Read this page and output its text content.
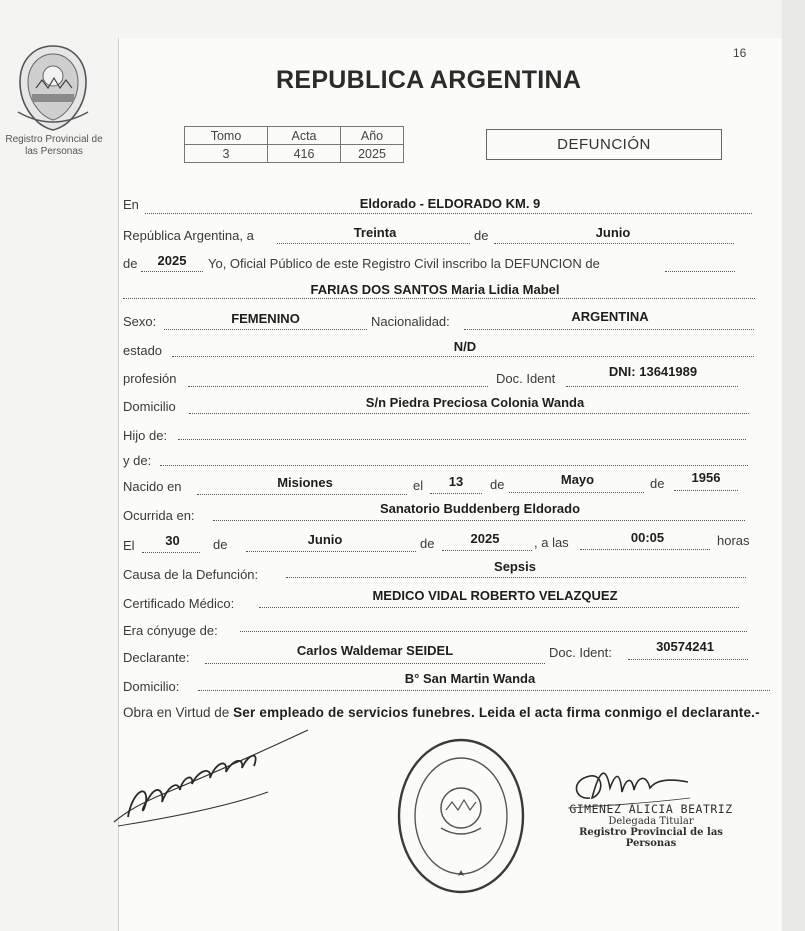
16
Registro Provincial de
las Personas
REPUBLICA ARGENTINA
Tomo	Acta	Año
3	416	2025
DEFUNCIÓN
En	Eldorado - ELDORADO KM. 9
República Argentina, a	Treinta	de	Junio
de	2025	Yo, Oficial Público de este Registro Civil inscribo la DEFUNCION de
FARIAS DOS SANTOS Maria Lidia Mabel
Sexo:	FEMENINO	Nacionalidad:	ARGENTINA
estado	N/D
profesión	Doc. Ident	DNI: 13641989
Domicilio	S/n Piedra Preciosa Colonia Wanda
Hijo de:
y de:
Nacido en	Misiones	el	13	de	Mayo	de	1956
Ocurrida en:	Sanatorio Buddenberg Eldorado
El	30	de	Junio	de	2025	, a las	00:05	horas
Causa de la Defunción:
Sepsis
Certificado Médico:
MEDICO VIDAL ROBERTO VELAZQUEZ
Era cónyuge de:
Declarante:	Carlos Waldemar SEIDEL	Doc. Ident:	30574241
Domicilio:
B° San Martin Wanda
Obra en Virtud de Ser empleado de servicios funebres. Leida el acta firma conmigo el declarante.-
GIMENEZ ALICIA BEATRIZ
Delegada Titular
Registro Provincial de las Personas
